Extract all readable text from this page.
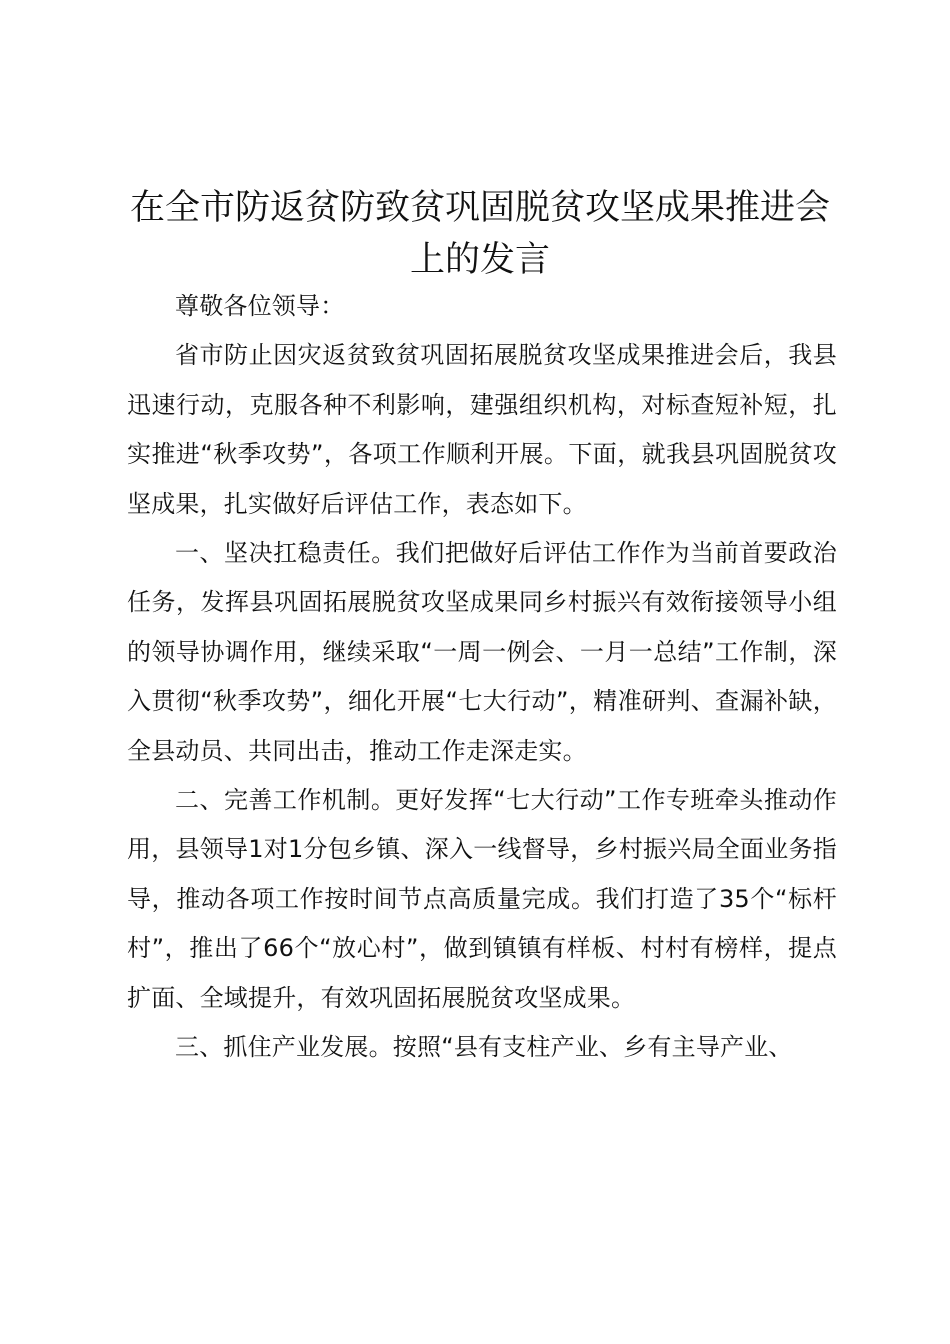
在全市防返贫防致贫巩固脱贫攻坚成果推进会上的发言

尊敬各位领导：

省市防止因灾返贫致贫巩固拓展脱贫攻坚成果推进会后，我县迅速行动，克服各种不利影响，建强组织机构，对标查短补短，扎实推进“秋季攻势”，各项工作顺利开展。下面，就我县巩固脱贫攻坚成果，扎实做好后评估工作，表态如下。

一、坚决扛稳责任。我们把做好后评估工作作为当前首要政治任务，发挥县巩固拓展脱贫攻坚成果同乡村振兴有效衔接领导小组的领导协调作用，继续采取“一周一例会、一月一总结”工作制，深入贯彻“秋季攻势”，细化开展“七大行动”，精准研判、查漏补缺，全县动员、共同出击，推动工作走深走实。

二、完善工作机制。更好发挥“七大行动”工作专班牵头推动作用，县领导1对1分包乡镇、深入一线督导，乡村振兴局全面业务指导，推动各项工作按时间节点高质量完成。我们打造了35个“标杆村”，推出了66个“放心村”，做到镇镇有样板、村村有榜样，提点扩面、全域提升，有效巩固拓展脱贫攻坚成果。

三、抓住产业发展。按照“县有支柱产业、乡有主导产业、
